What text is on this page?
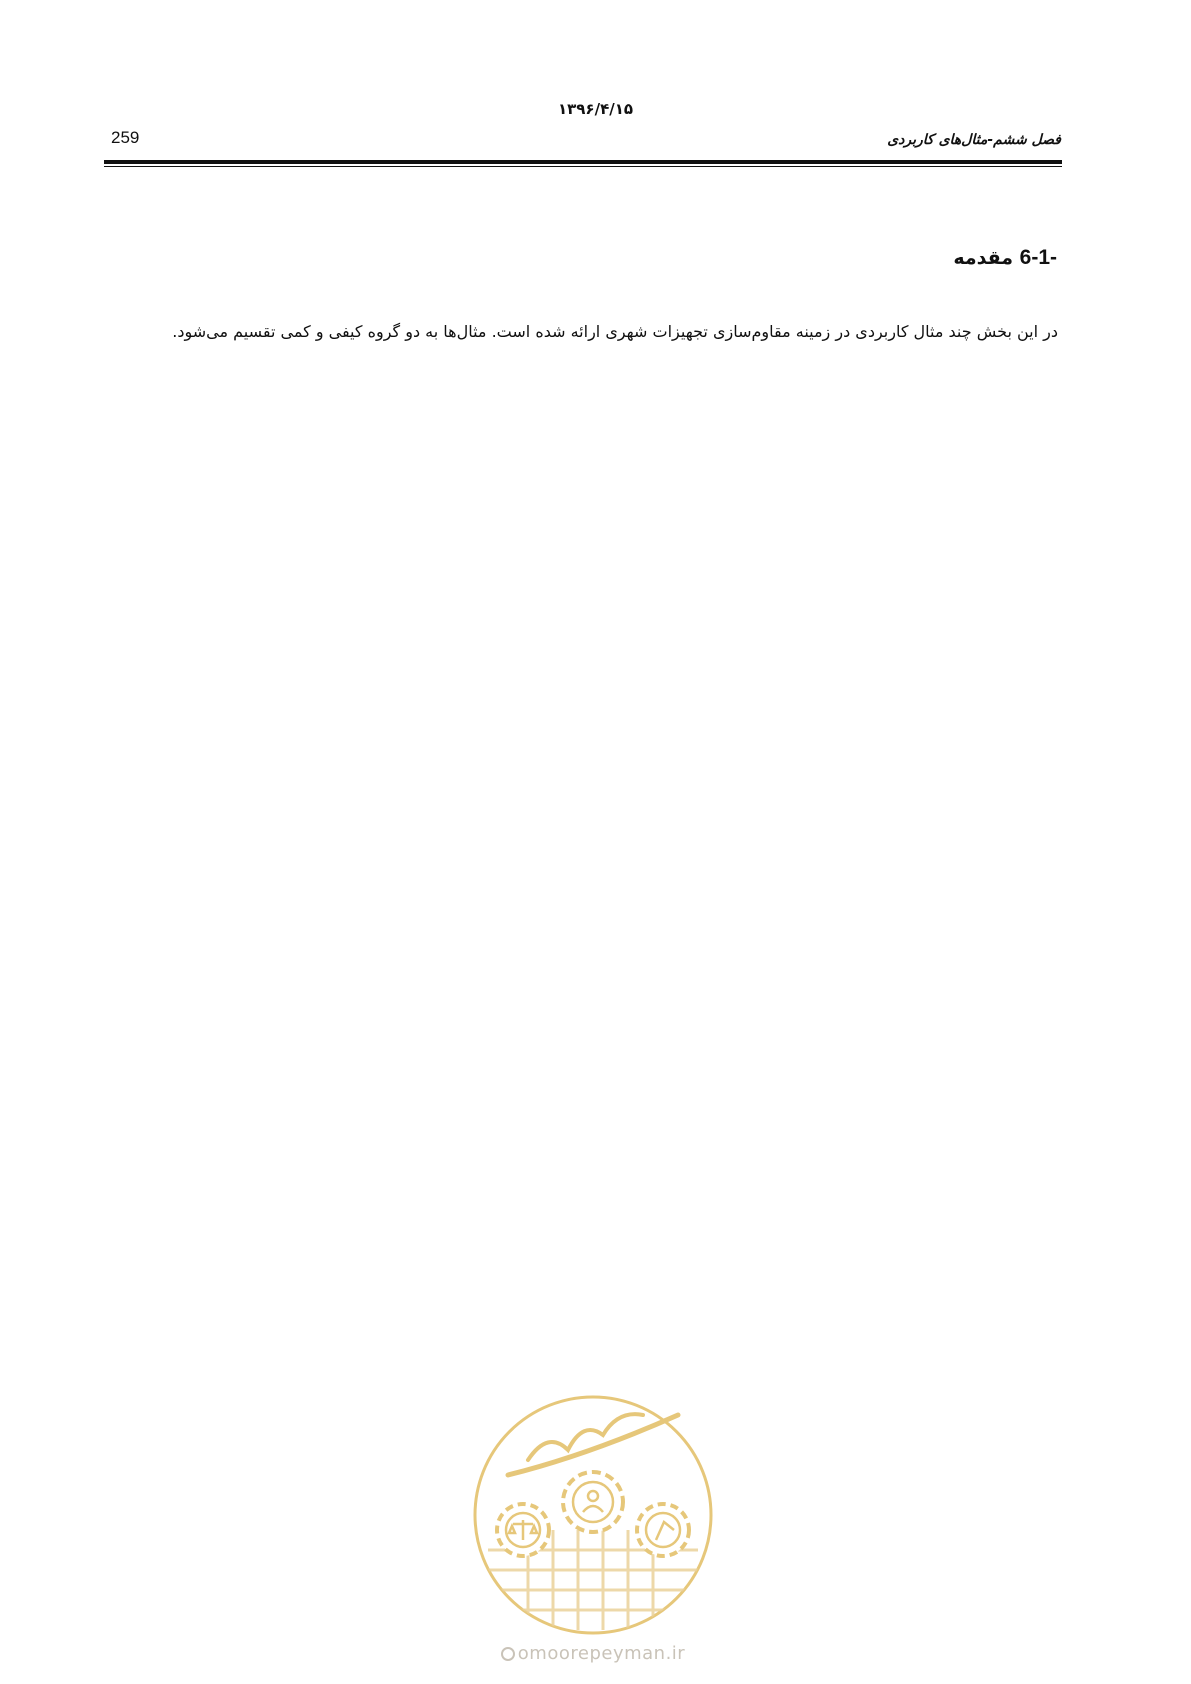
۱۳۹۶/۴/۱۵
259	فصل ششم-مثال‌های کاربردی
6-1- مقدمه
در این بخش چند مثال کاربردی در زمینه مقاوم‌سازی تجهیزات شهری ارائه شده است. مثال‌ها به دو گروه کیفی و کمی تقسیم می‌شود.
omoorepeyman.ir
